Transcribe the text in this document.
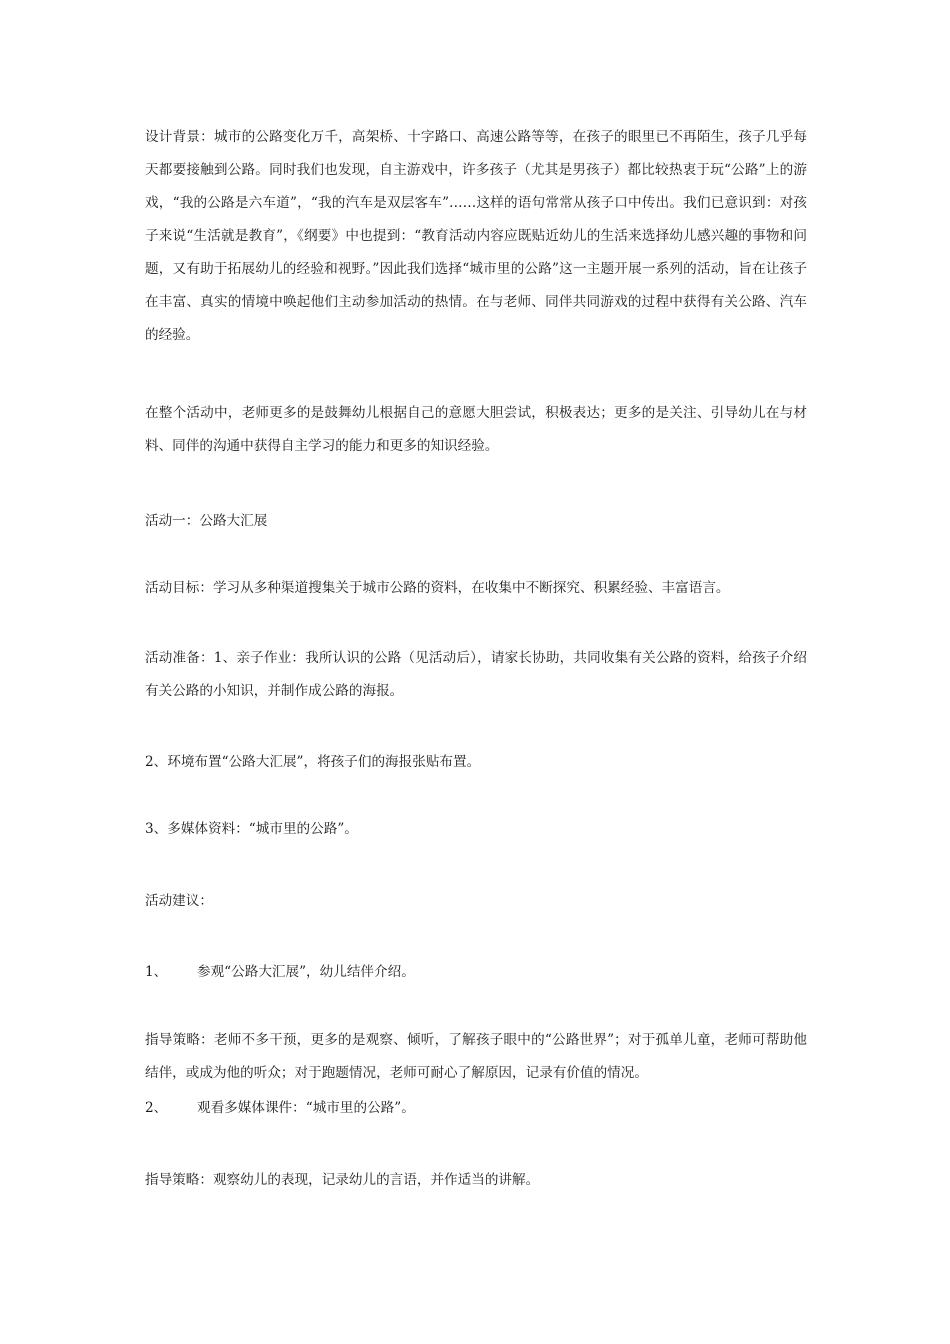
设计背景：城市的公路变化万千，高架桥、十字路口、高速公路等等，在孩子的眼里已不再陌生，孩子几乎每天都要接触到公路。同时我们也发现，自主游戏中，许多孩子（尤其是男孩子）都比较热衷于玩“公路”上的游戏，“我的公路是六车道”，“我的汽车是双层客车”……这样的语句常常从孩子口中传出。我们已意识到：对孩子来说“生活就是教育”，《纲要》中也提到：“教育活动内容应既贴近幼儿的生活来选择幼儿感兴趣的事物和问题，又有助于拓展幼儿的经验和视野。”因此我们选择“城市里的公路”这一主题开展一系列的活动，旨在让孩子在丰富、真实的情境中唤起他们主动参加活动的热情。在与老师、同伴共同游戏的过程中获得有关公路、汽车的经验。

在整个活动中，老师更多的是鼓舞幼儿根据自己的意愿大胆尝试，积极表达；更多的是关注、引导幼儿在与材料、同伴的沟通中获得自主学习的能力和更多的知识经验。

活动一：公路大汇展

活动目标：学习从多种渠道搜集关于城市公路的资料，在收集中不断探究、积累经验、丰富语言。

活动准备：1、亲子作业：我所认识的公路（见活动后），请家长协助，共同收集有关公路的资料，给孩子介绍有关公路的小知识，并制作成公路的海报。

2、环境布置“公路大汇展”，将孩子们的海报张贴布置。

3、多媒体资料：“城市里的公路”。

活动建议：

1、 参观“公路大汇展”，幼儿结伴介绍。

指导策略：老师不多干预，更多的是观察、倾听，了解孩子眼中的“公路世界”；对于孤单儿童，老师可帮助他结伴，或成为他的听众；对于跑题情况，老师可耐心了解原因，记录有价值的情况。

2、 观看多媒体课件：“城市里的公路”。

指导策略：观察幼儿的表现，记录幼儿的言语，并作适当的讲解。
